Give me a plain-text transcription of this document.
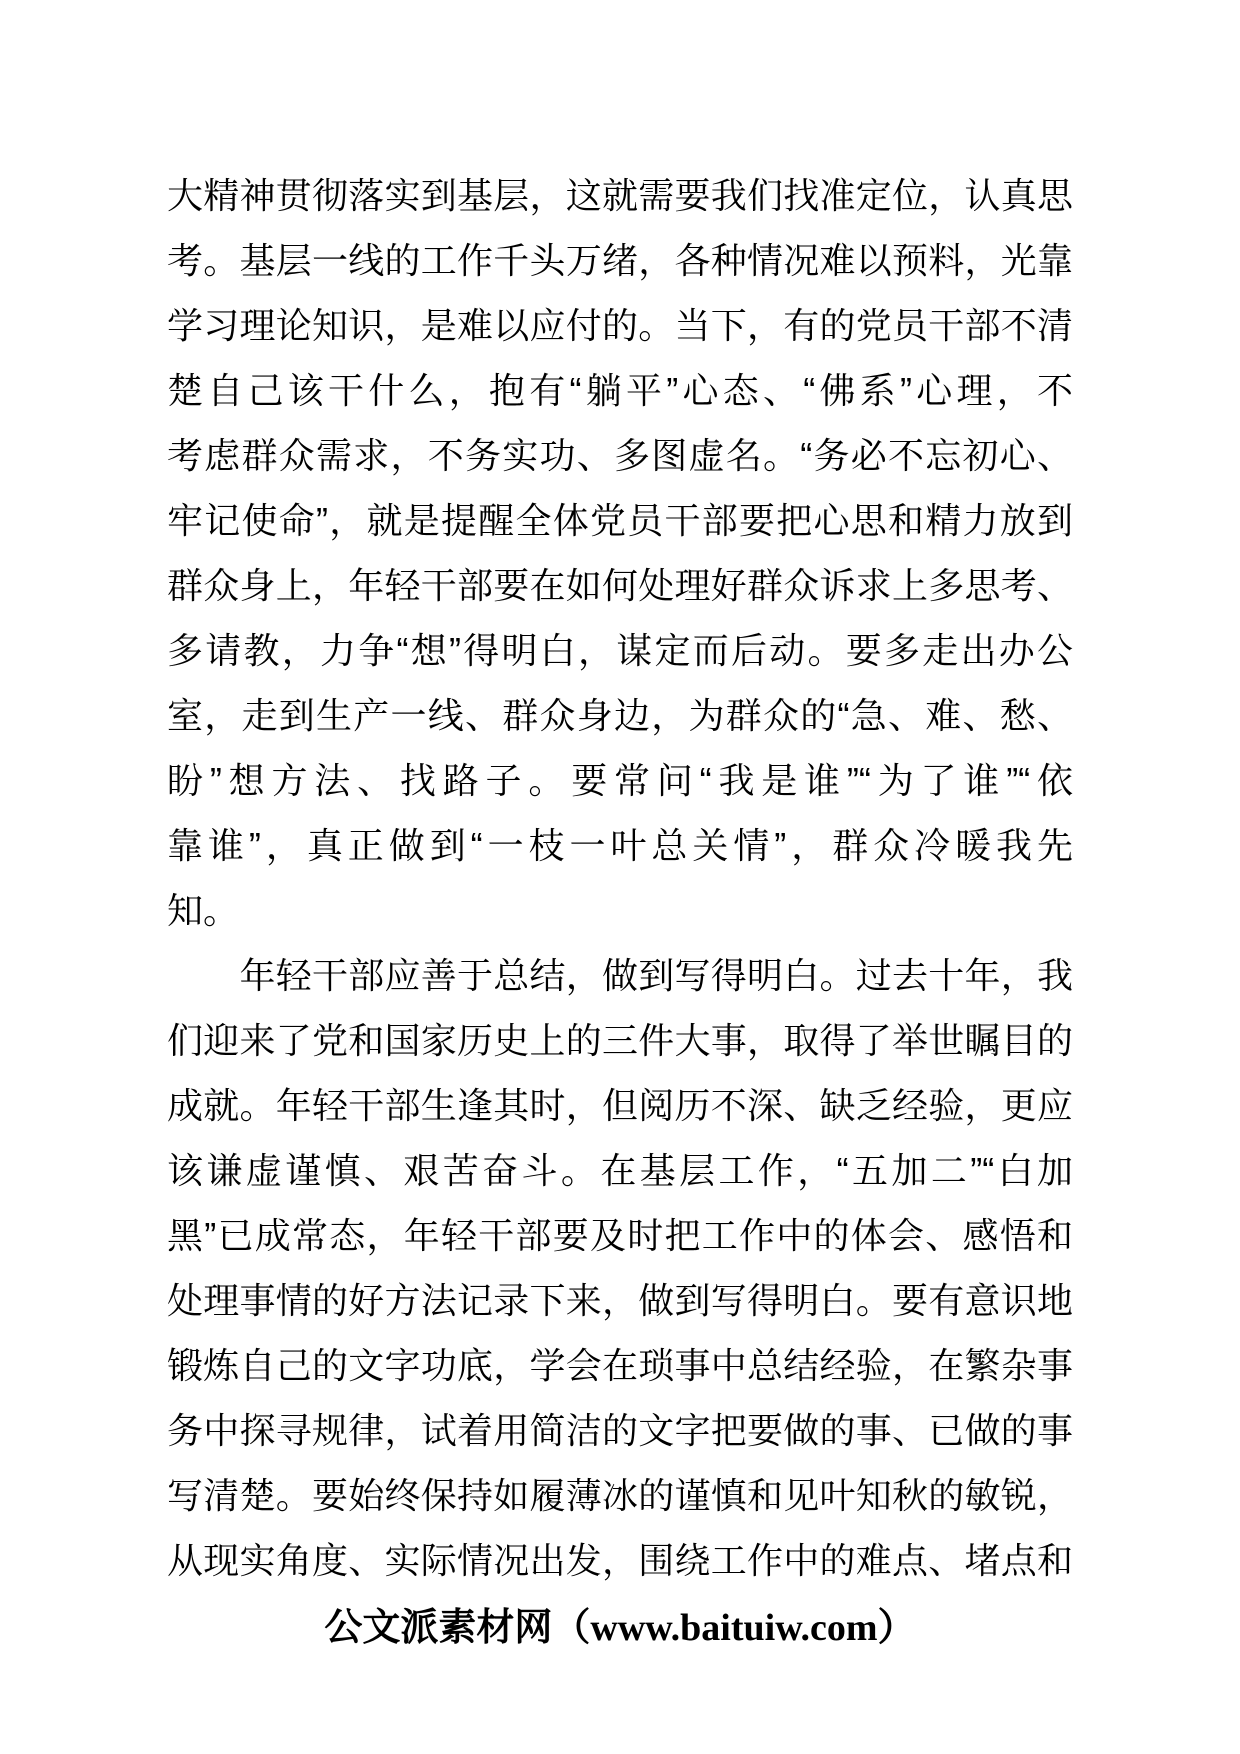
大精神贯彻落实到基层，这就需要我们找准定位，认真思
考。基层一线的工作千头万绪，各种情况难以预料，光靠
学习理论知识，是难以应付的。当下，有的党员干部不清
楚自己该干什么，抱有“躺平”心态、“佛系”心理，不
考虑群众需求，不务实功、多图虚名。“务必不忘初心、
牢记使命”，就是提醒全体党员干部要把心思和精力放到
群众身上，年轻干部要在如何处理好群众诉求上多思考、
多请教，力争“想”得明白，谋定而后动。要多走出办公
室，走到生产一线、群众身边，为群众的“急、难、愁、
盼”想方法、找路子。要常问“我是谁”“为了谁”“依
靠谁”，真正做到“一枝一叶总关情”，群众冷暖我先
知。
　　年轻干部应善于总结，做到写得明白。过去十年，我
们迎来了党和国家历史上的三件大事，取得了举世瞩目的
成就。年轻干部生逢其时，但阅历不深、缺乏经验，更应
该谦虚谨慎、艰苦奋斗。在基层工作，“五加二”“白加
黑”已成常态，年轻干部要及时把工作中的体会、感悟和
处理事情的好方法记录下来，做到写得明白。要有意识地
锻炼自己的文字功底，学会在琐事中总结经验，在繁杂事
务中探寻规律，试着用简洁的文字把要做的事、已做的事
写清楚。要始终保持如履薄冰的谨慎和见叶知秋的敏锐，
从现实角度、实际情况出发，围绕工作中的难点、堵点和
公文派素材网（www.baituiw.com）
